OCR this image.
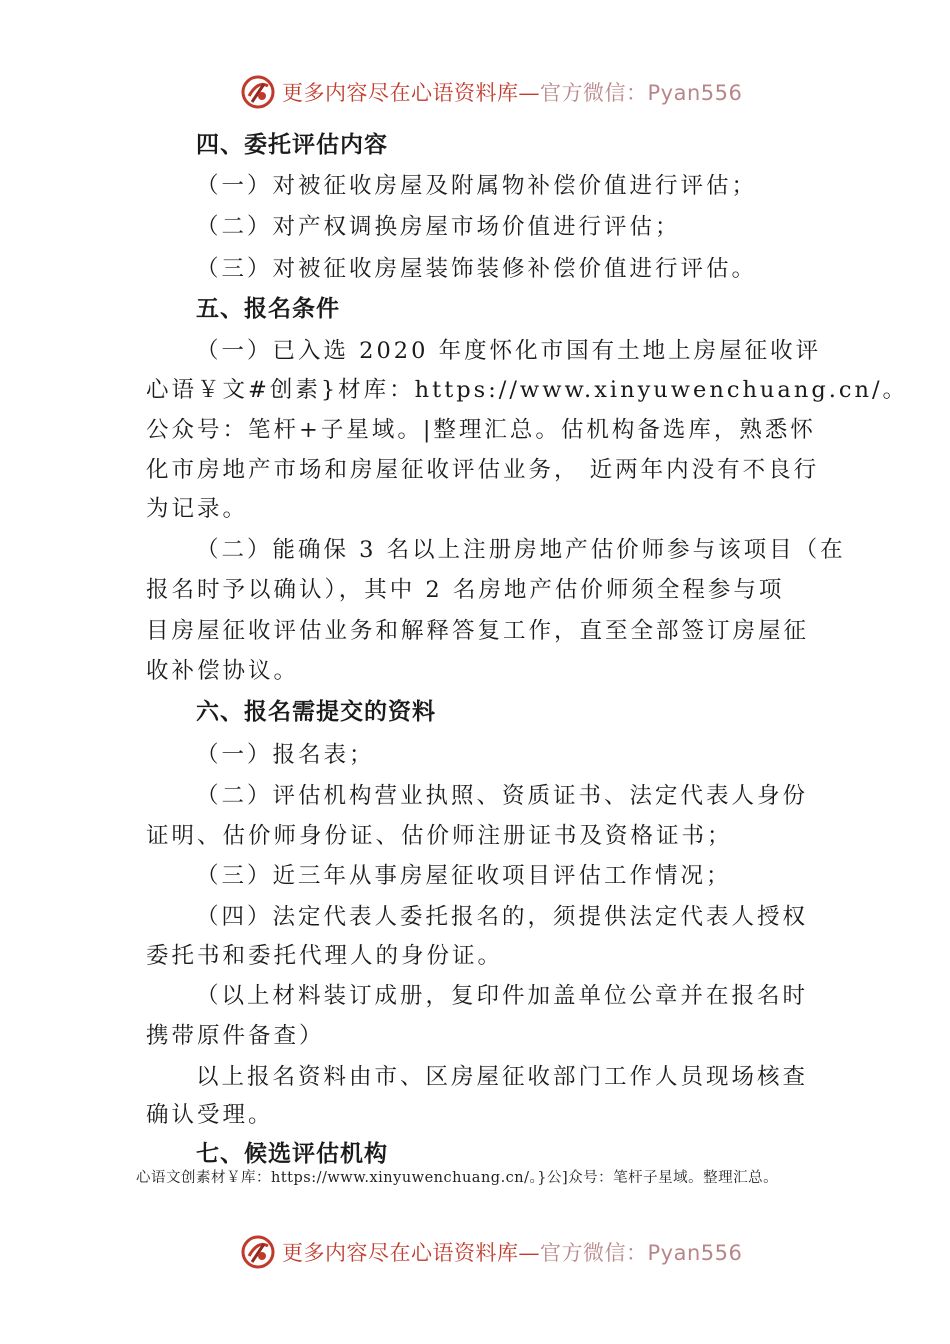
更多内容尽在心语资料库—官方微信：Pyan556
四、委托评估内容
（一）对被征收房屋及附属物补偿价值进行评估；
（二）对产权调换房屋市场价值进行评估；
（三）对被征收房屋装饰装修补偿价值进行评估。
五、报名条件
（一）已入选 2020 年度怀化市国有土地上房屋征收评
心语￥文#创素}材库：https://www.xinyuwenchuang.cn/。
公众号：笔杆+子星域。|整理汇总。估机构备选库，熟悉怀
化市房地产市场和房屋征收评估业务， 近两年内没有不良行
为记录。
（二）能确保 3 名以上注册房地产估价师参与该项目（在
报名时予以确认），其中 2 名房地产估价师须全程参与项
目房屋征收评估业务和解释答复工作，直至全部签订房屋征
收补偿协议。
六、报名需提交的资料
（一）报名表；
（二）评估机构营业执照、资质证书、法定代表人身份
证明、估价师身份证、估价师注册证书及资格证书；
（三）近三年从事房屋征收项目评估工作情况；
（四）法定代表人委托报名的，须提供法定代表人授权
委托书和委托代理人的身份证。
（以上材料装订成册，复印件加盖单位公章并在报名时
携带原件备查）
以上报名资料由市、区房屋征收部门工作人员现场核查
确认受理。
七、候选评估机构
心语文创素材￥库：https://www.xinyuwenchuang.cn/。}公]众号：笔杆子星域。整理汇总。
更多内容尽在心语资料库—官方微信：Pyan556
